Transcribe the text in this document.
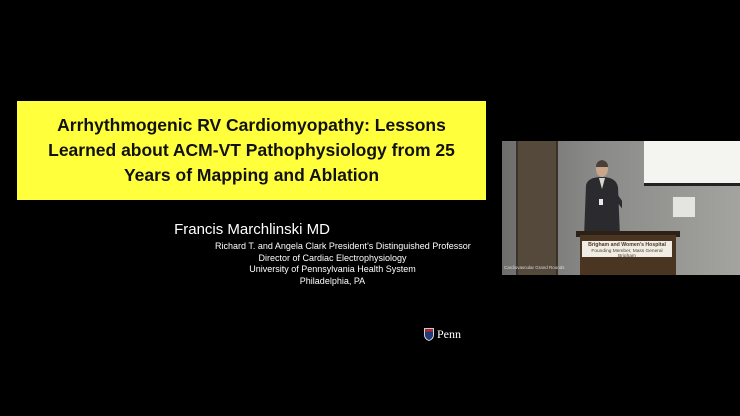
Arrhythmogenic RV Cardiomyopathy: Lessons Learned about ACM-VT Pathophysiology from 25 Years of Mapping and Ablation
Francis Marchlinski MD
Richard T. and Angela Clark President’s Distinguished Professor
Director of Cardiac Electrophysiology
University of Pennsylvania Health System
Philadelphia, PA
Penn
Brigham and Women's Hospital
Founding Member, Mass General Brigham
Cardiovascular Grand Rounds
